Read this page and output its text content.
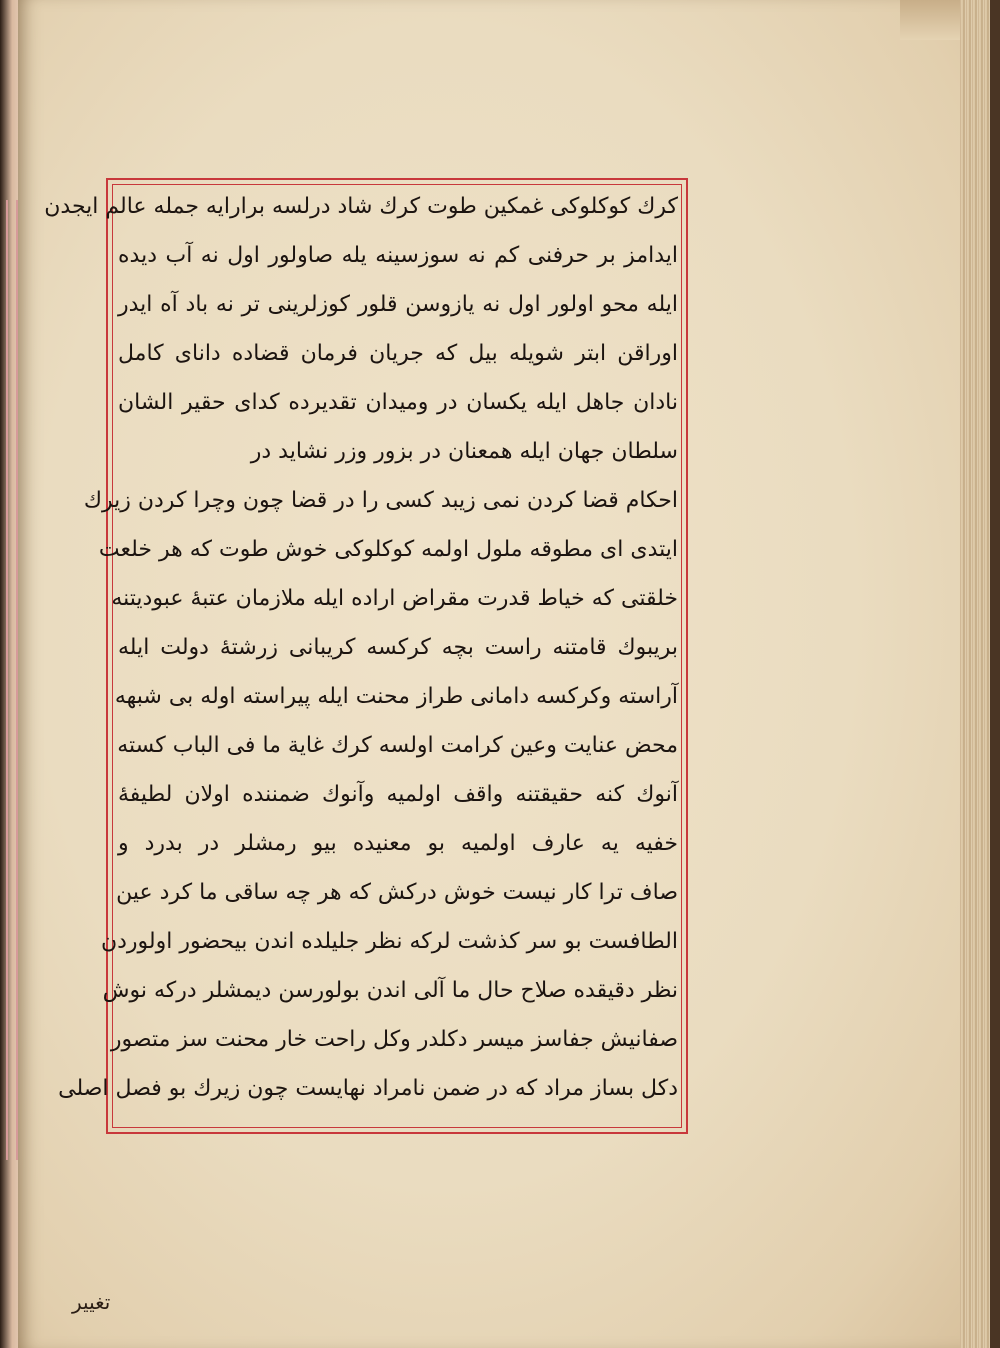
كرك كوكلوكى غمكين طوت كرك شاد درلسه برارايه جمله عالم ايجدن
ايدامز بر حرفنى كم نه سوزسينه يله صاولور اول نه آب ديده
ايله محو اولور اول نه يازوسن قلور كوزلرينى تر نه باد آه ايدر
اوراقن ابتر شويله بيل كه جريان فرمان قضاده داناى كامل
نادان جاهل ايله يكسان در وميدان تقديرده كداى حقير الشان
سلطان جهان ايله همعنان در بزور وزر نشايد در
احكام قضا كردن نمى زيبد كسى را در قضا چون وچرا كردن زيرك
ايتدى اى مطوقه ملول اولمه كوكلوكى خوش طوت كه هر خلعت
خلقتى كه خياط قدرت مقراض اراده ايله ملازمان عتبهٔ عبوديتنه
بريبوك قامتنه راست بچه كركسه كريبانى زرشتهٔ دولت ايله
آراسته وكركسه دامانى طراز محنت ايله پيراسته اوله بى شبهه
محض عنايت وعين كرامت اولسه كرك غاية ما فى الباب كسته
آنوك كنه حقيقتنه واقف اولميه وآنوك ضمننده اولان لطيفهٔ
خفيه يه عارف اولميه بو معنيده بيو رمشلر در بدرد و
صاف ترا كار نيست خوش دركش كه هر چه ساقى ما كرد عين
الطافست بو سر كذشت لركه نظر جليلده اندن بيحضور اولوردن
نظر دقيقده صلاح حال ما آلى اندن بولورسن ديمشلر دركه نوش
صفانيش جفاسز ميسر دكلدر وكل راحت خار محنت سز متصور
دكل بساز مراد كه در ضمن نامراد نهايست چون زيرك بو فصل اصلى
تغيير
